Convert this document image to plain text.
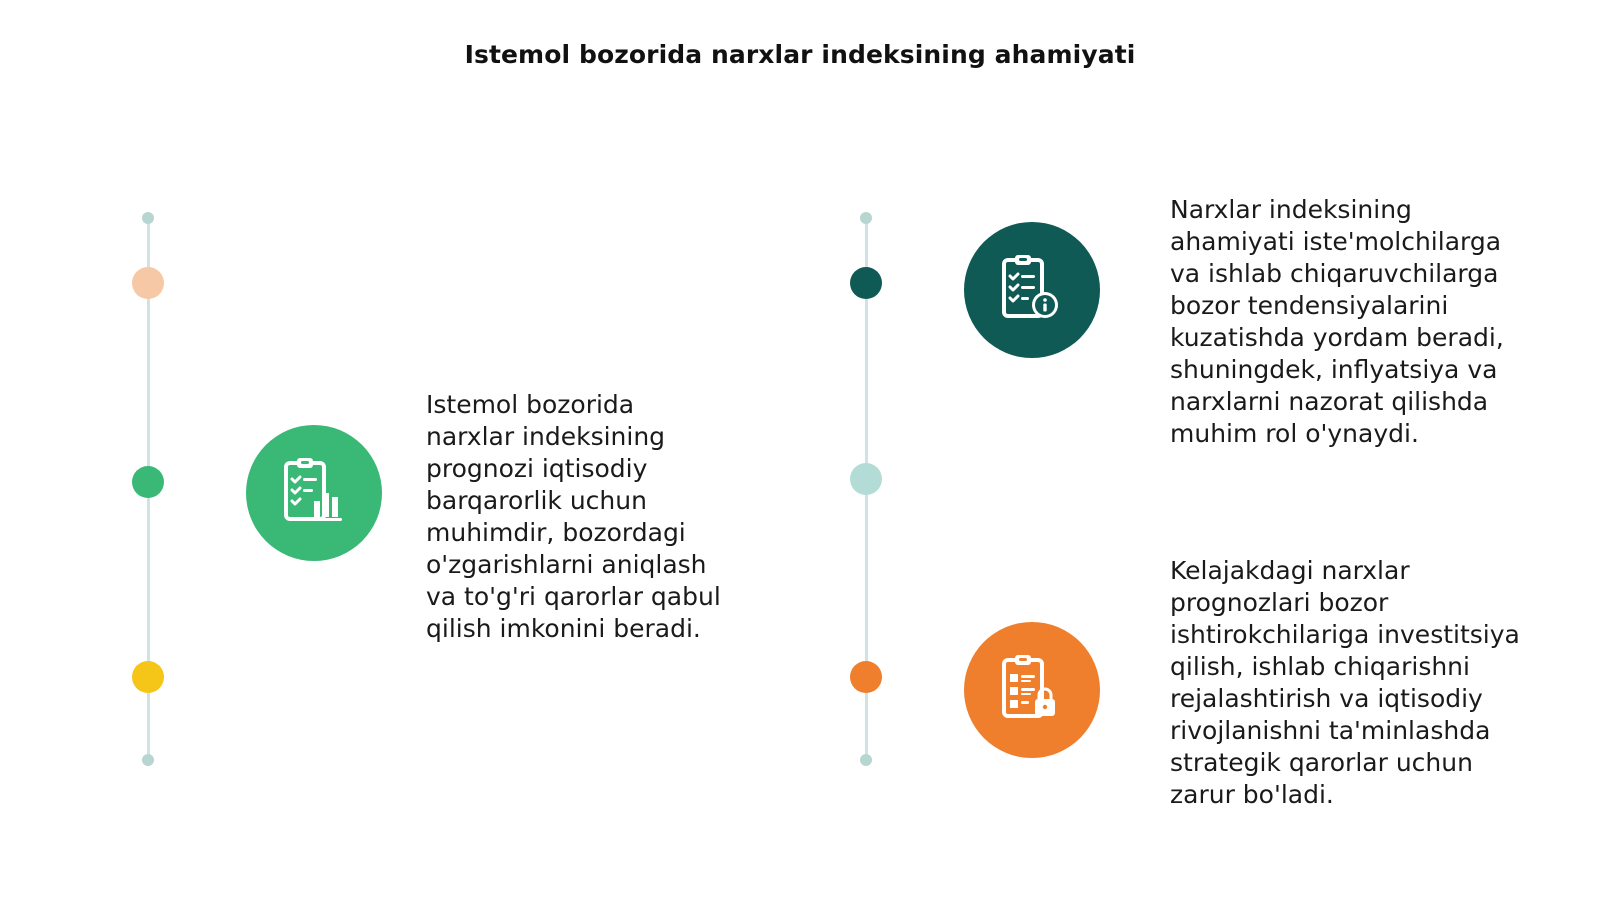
Istemol bozorida narxlar indeksining ahamiyati
Istemol bozorida
narxlar indeksining
prognozi iqtisodiy
barqarorlik uchun
muhimdir, bozordagi
o'zgarishlarni aniqlash
va to'g'ri qarorlar qabul
qilish imkonini beradi.
Narxlar indeksining
ahamiyati iste'molchilarga
va ishlab chiqaruvchilarga
bozor tendensiyalarini
kuzatishda yordam beradi,
shuningdek, inflyatsiya va
narxlarni nazorat qilishda
muhim rol o'ynaydi.
Kelajakdagi narxlar
prognozlari bozor
ishtirokchilariga investitsiya
qilish, ishlab chiqarishni
rejalashtirish va iqtisodiy
rivojlanishni ta'minlashda
strategik qarorlar uchun
zarur bo'ladi.
